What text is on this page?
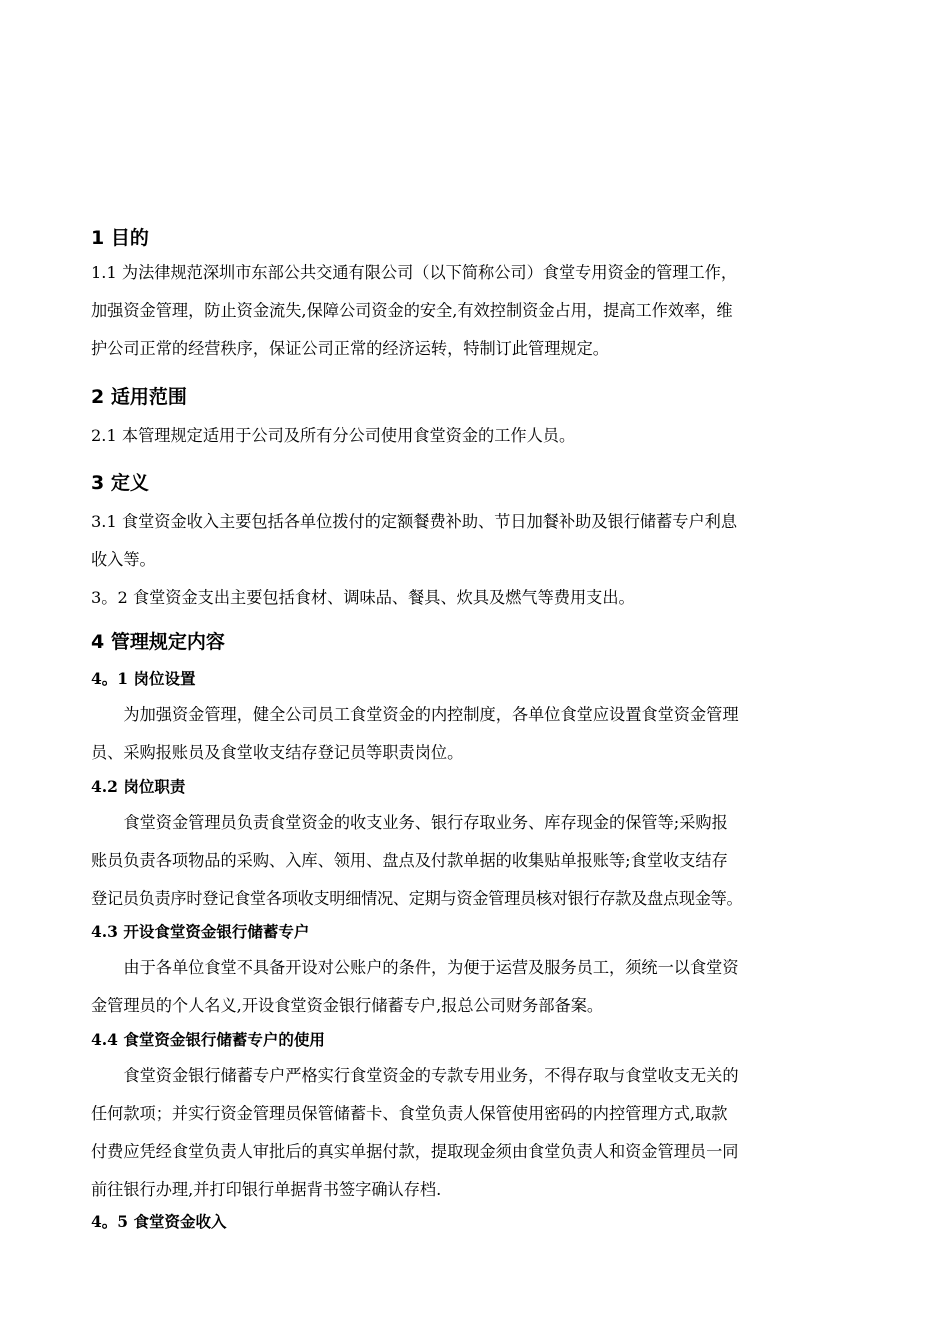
1 目的

1.1 为法律规范深圳市东部公共交通有限公司（以下简称公司）食堂专用资金的管理工作，
加强资金管理，防止资金流失,保障公司资金的安全,有效控制资金占用，提高工作效率，维
护公司正常的经营秩序，保证公司正常的经济运转，特制订此管理规定。

2 适用范围

2.1 本管理规定适用于公司及所有分公司使用食堂资金的工作人员。

3 定义

3.1 食堂资金收入主要包括各单位拨付的定额餐费补助、节日加餐补助及银行储蓄专户利息
收入等。
3。2 食堂资金支出主要包括食材、调味品、餐具、炊具及燃气等费用支出。

4 管理规定内容
4。1 岗位设置

为加强资金管理，健全公司员工食堂资金的内控制度，各单位食堂应设置食堂资金管理
员、采购报账员及食堂收支结存登记员等职责岗位。

4.2 岗位职责

食堂资金管理员负责食堂资金的收支业务、银行存取业务、库存现金的保管等;采购报
账员负责各项物品的采购、入库、领用、盘点及付款单据的收集贴单报账等;食堂收支结存
登记员负责序时登记食堂各项收支明细情况、定期与资金管理员核对银行存款及盘点现金等。

4.3 开设食堂资金银行储蓄专户

由于各单位食堂不具备开设对公账户的条件，为便于运营及服务员工，须统一以食堂资
金管理员的个人名义,开设食堂资金银行储蓄专户,报总公司财务部备案。

4.4 食堂资金银行储蓄专户的使用

食堂资金银行储蓄专户严格实行食堂资金的专款专用业务，不得存取与食堂收支无关的
任何款项；并实行资金管理员保管储蓄卡、食堂负责人保管使用密码的内控管理方式,取款
付费应凭经食堂负责人审批后的真实单据付款，提取现金须由食堂负责人和资金管理员一同
前往银行办理,并打印银行单据背书签字确认存档.

4。5 食堂资金收入
